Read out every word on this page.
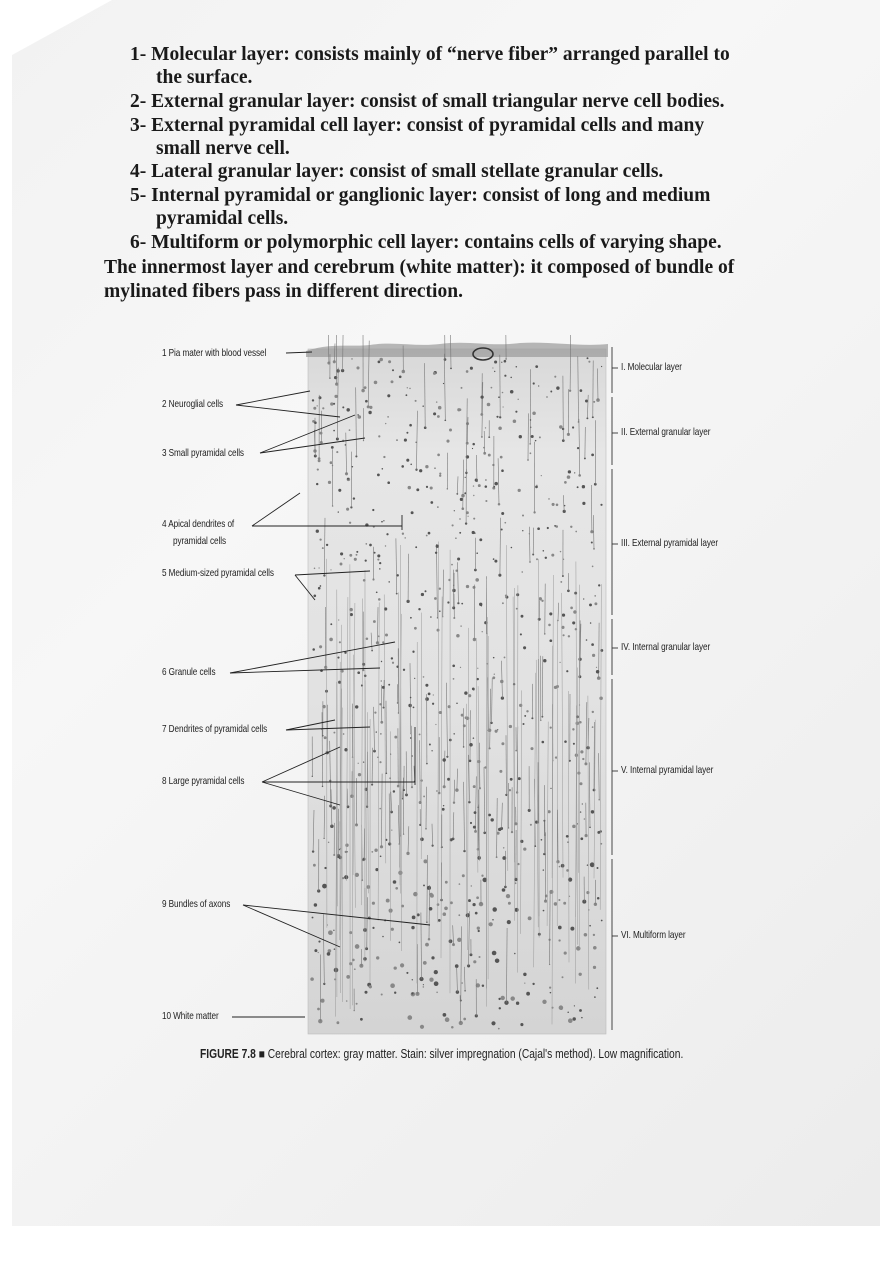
1- Molecular layer: consists mainly of “nerve fiber” arranged parallel to
the surface.
2- External granular layer: consist of small triangular nerve cell bodies.
3- External pyramidal cell layer: consist of pyramidal cells and many
small nerve cell.
4- Lateral granular layer: consist of small stellate granular cells.
5- Internal pyramidal or ganglionic layer: consist of long and medium
pyramidal cells.
6- Multiform or polymorphic cell layer: contains cells of varying shape.
The innermost layer and cerebrum (white matter): it composed of bundle of
mylinated fibers pass in different direction.
1 Pia mater with blood vessel
2 Neuroglial cells
3 Small pyramidal cells
4 Apical dendrites of
pyramidal cells
5 Medium-sized pyramidal cells
6 Granule cells
7 Dendrites of pyramidal cells
8 Large pyramidal cells
9 Bundles of axons
10 White matter
I. Molecular layer
II. External granular layer
III. External pyramidal layer
IV. Internal granular layer
V. Internal pyramidal layer
VI. Multiform layer
FIGURE 7.8 ■ Cerebral cortex: gray matter. Stain: silver impregnation (Cajal's method). Low magnification.
